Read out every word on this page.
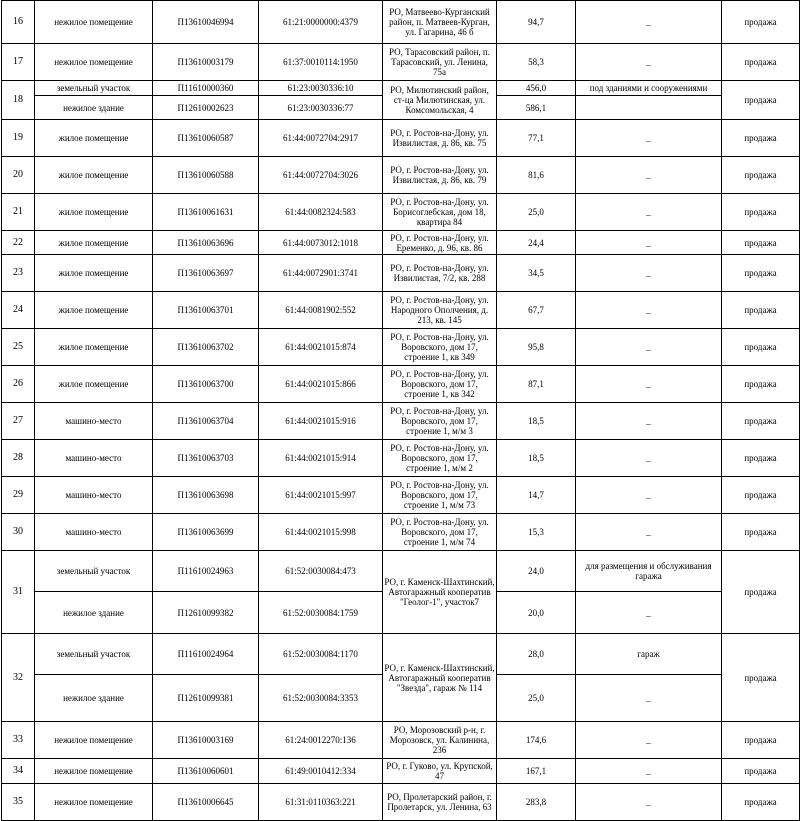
16	нежилое помещение	П13610046994	61:21:0000000:4379	РО, Матвеево-Курганский район, п. Матвеев-Курган, ул. Гагарина, 46 б	94,7	_	продажа
17	нежилое помещение	П13610003179	61:37:0010114:1950	РО, Тарасовский район, п. Тарасовский, ул. Ленина, 75а	58,3	_	продажа
18	земельный участок	П11610000360	61:23:0030336:10	РО, Милютинский район, ст-ца Милютинская, ул. Комсомольская, 4	456,0	под зданиями и сооружениями	продажа
	нежилое здание	П12610002623	61:23:0030336:77		586,1		
19	жилое помещение	П13610060587	61:44:0072704:2917	РО, г. Ростов-на-Дону, ул. Извилистая, д. 86, кв. 75	77,1	_	продажа
20	жилое помещение	П13610060588	61:44:0072704:3026	РО, г. Ростов-на-Дону, ул. Извилистая, д. 86, кв. 79	81,6	_	продажа
21	жилое помещение	П13610061631	61:44:0082324:583	РО, г. Ростов-на-Дону, ул. Борисоглебская, дом 18, квартира 84	25,0	_	продажа
22	жилое помещение	П13610063696	61:44:0073012:1018	РО, г. Ростов-на-Дону, ул. Еременко, д. 96, кв. 86	24,4	_	продажа
23	жилое помещение	П13610063697	61:44:0072901:3741	РО, г. Ростов-на-Дону, ул. Извилистая, 7/2, кв. 288	34,5	_	продажа
24	жилое помещение	П13610063701	61:44:0081902:552	РО, г. Ростов-на-Дону, ул. Народного Ополчения, д. 213, кв. 145	67,7	_	продажа
25	жилое помещение	П13610063702	61:44:0021015:874	РО, г. Ростов-на-Дону, ул. Воровского, дом 17, строение 1, кв 349	95,8	_	продажа
26	жилое помещение	П13610063700	61:44:0021015:866	РО, г. Ростов-на-Дону, ул. Воровского, дом 17, строение 1, кв 342	87,1	_	продажа
27	машино-место	П13610063704	61:44:0021015:916	РО, г. Ростов-на-Дону, ул. Воровского, дом 17, строение 1, м/м 3	18,5	_	продажа
28	машино-место	П13610063703	61:44:0021015:914	РО, г. Ростов-на-Дону, ул. Воровского, дом 17, строение 1, м/м 2	18,5	_	продажа
29	машино-место	П13610063698	61:44:0021015:997	РО, г. Ростов-на-Дону, ул. Воровского, дом 17, строение 1, м/м 73	14,7	_	продажа
30	машино-место	П13610063699	61:44:0021015:998	РО, г. Ростов-на-Дону, ул. Воровского, дом 17, строение 1, м/м 74	15,3	_	продажа
31	земельный участок	П11610024963	61:52:0030084:473	РО, г. Каменск-Шахтинский, Автогаражный кооператив "Геолог-1", участок7	24,0	для размещения и обслуживания гаража	продажа
	нежилое здание	П12610099382	61:52:0030084:1759		20,0	_	
32	земельный участок	П11610024964	61:52:0030084:1170	РО, г. Каменск-Шахтинский, Автогаражный кооператив "Звезда", гараж № 114	28,0	гараж	продажа
	нежилое здание	П12610099381	61:52:0030084:3353		25,0	_	
33	нежилое помещение	П13610003169	61:24:0012270:136	РО, Морозовский р-н, г. Морозовск, ул. Калинина, 236	174,6	_	продажа
34	нежилое помещение	П13610060601	61:49:0010412:334	РО, г. Гуково, ул. Крупской, 47	167,1	_	продажа
35	нежилое помещение	П13610006645	61:31:0110363:221	РО, Пролетарский район, г. Пролетарск, ул. Ленина, 63	283,8	_	продажа
